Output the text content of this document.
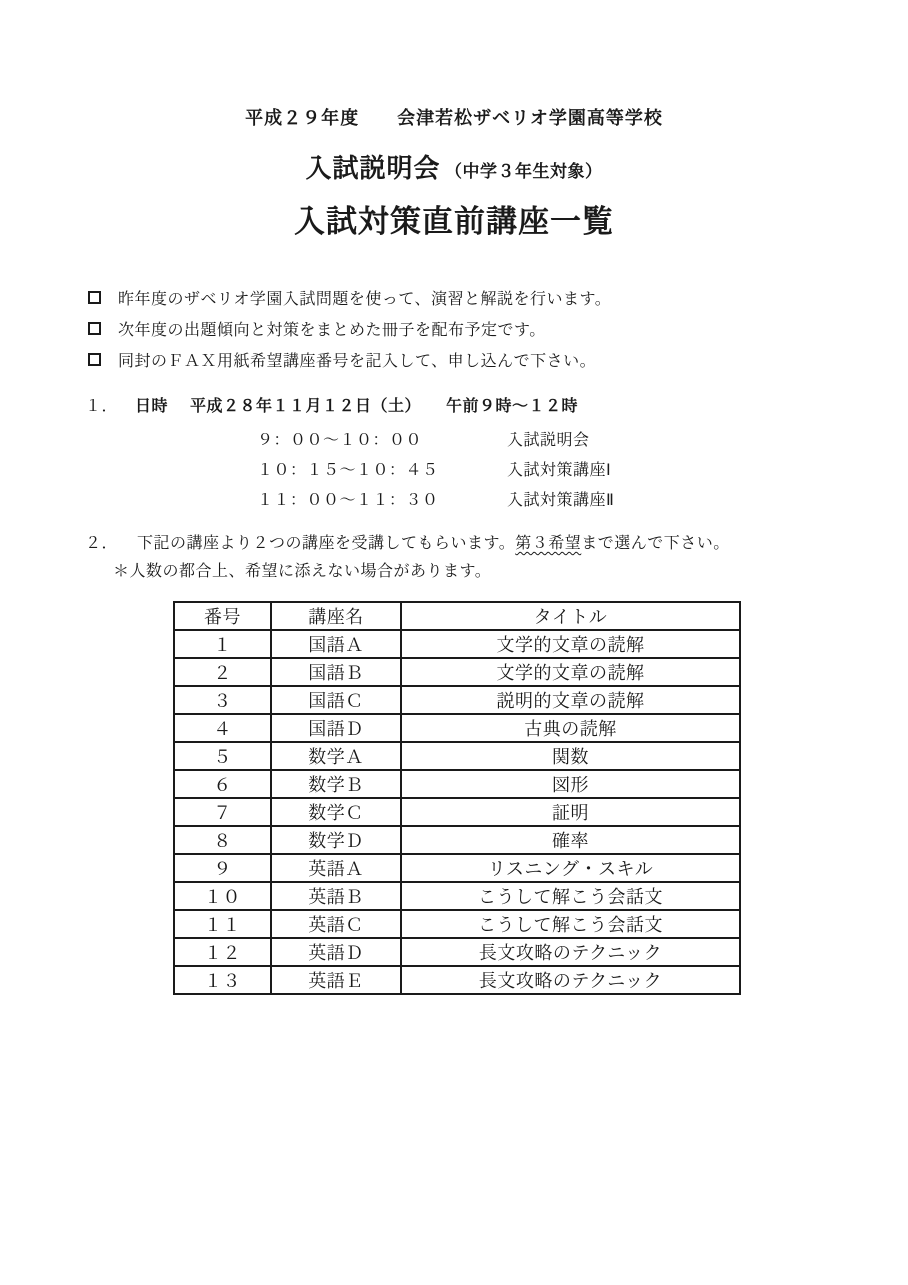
平成２９年度　　会津若松ザベリオ学園高等学校
入試説明会 （中学３年生対象）
入試対策直前講座一覧
昨年度のザベリオ学園入試問題を使って、演習と解説を行います。
次年度の出題傾向と対策をまとめた冊子を配布予定です。
同封のＦＡＸ用紙希望講座番号を記入して、申し込んで下さい。
１．	日時	平成２８年１１月１２日（土）　　午前９時～１２時
９：００～１０：００	入試説明会
１０：１５～１０：４５	入試対策講座Ⅰ
１１：００～１１：３０	入試対策講座Ⅱ
２．	下記の講座より２つの講座を受講してもらいます。第３希望まで選んで下さい。
＊人数の都合上、希望に添えない場合があります。
番号	講座名	タイトル
１	国語Ａ	文学的文章の読解
２	国語Ｂ	文学的文章の読解
３	国語Ｃ	説明的文章の読解
４	国語Ｄ	古典の読解
５	数学Ａ	関数
６	数学Ｂ	図形
７	数学Ｃ	証明
８	数学Ｄ	確率
９	英語Ａ	リスニング・スキル
１０	英語Ｂ	こうして解こう会話文
１１	英語Ｃ	こうして解こう会話文
１２	英語Ｄ	長文攻略のテクニック
１３	英語Ｅ	長文攻略のテクニック
